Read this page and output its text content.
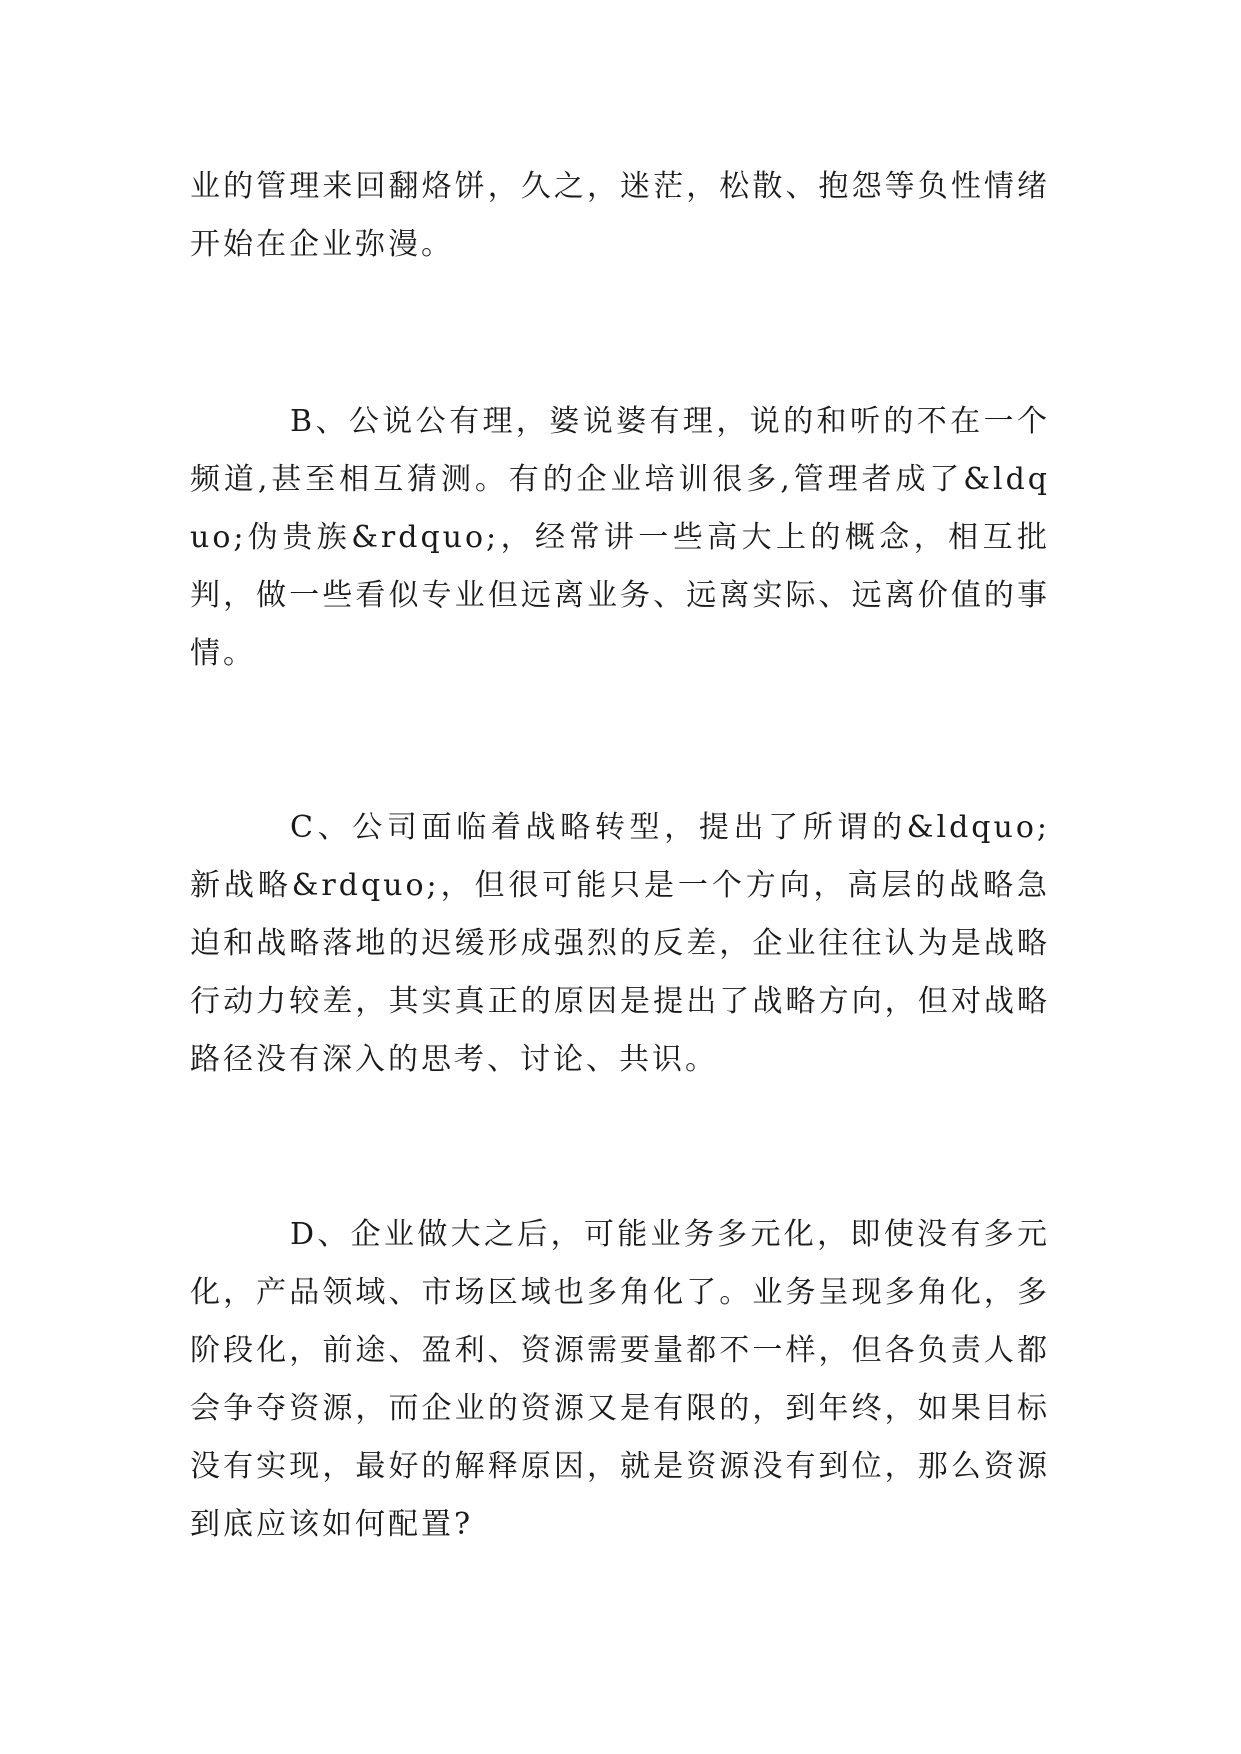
业的管理来回翻烙饼，久之，迷茫，松散、抱怨等负性情绪开始在企业弥漫。

B、公说公有理，婆说婆有理，说的和听的不在一个频道,甚至相互猜测。有的企业培训很多,管理者成了&ldquo;伪贵族&rdquo;，经常讲一些高大上的概念，相互批判，做一些看似专业但远离业务、远离实际、远离价值的事情。

C、公司面临着战略转型，提出了所谓的&ldquo;新战略&rdquo;，但很可能只是一个方向，高层的战略急迫和战略落地的迟缓形成强烈的反差，企业往往认为是战略行动力较差，其实真正的原因是提出了战略方向，但对战略路径没有深入的思考、讨论、共识。

D、企业做大之后，可能业务多元化，即使没有多元化，产品领域、市场区域也多角化了。业务呈现多角化，多阶段化，前途、盈利、资源需要量都不一样，但各负责人都会争夺资源，而企业的资源又是有限的，到年终，如果目标没有实现，最好的解释原因，就是资源没有到位，那么资源到底应该如何配置?
